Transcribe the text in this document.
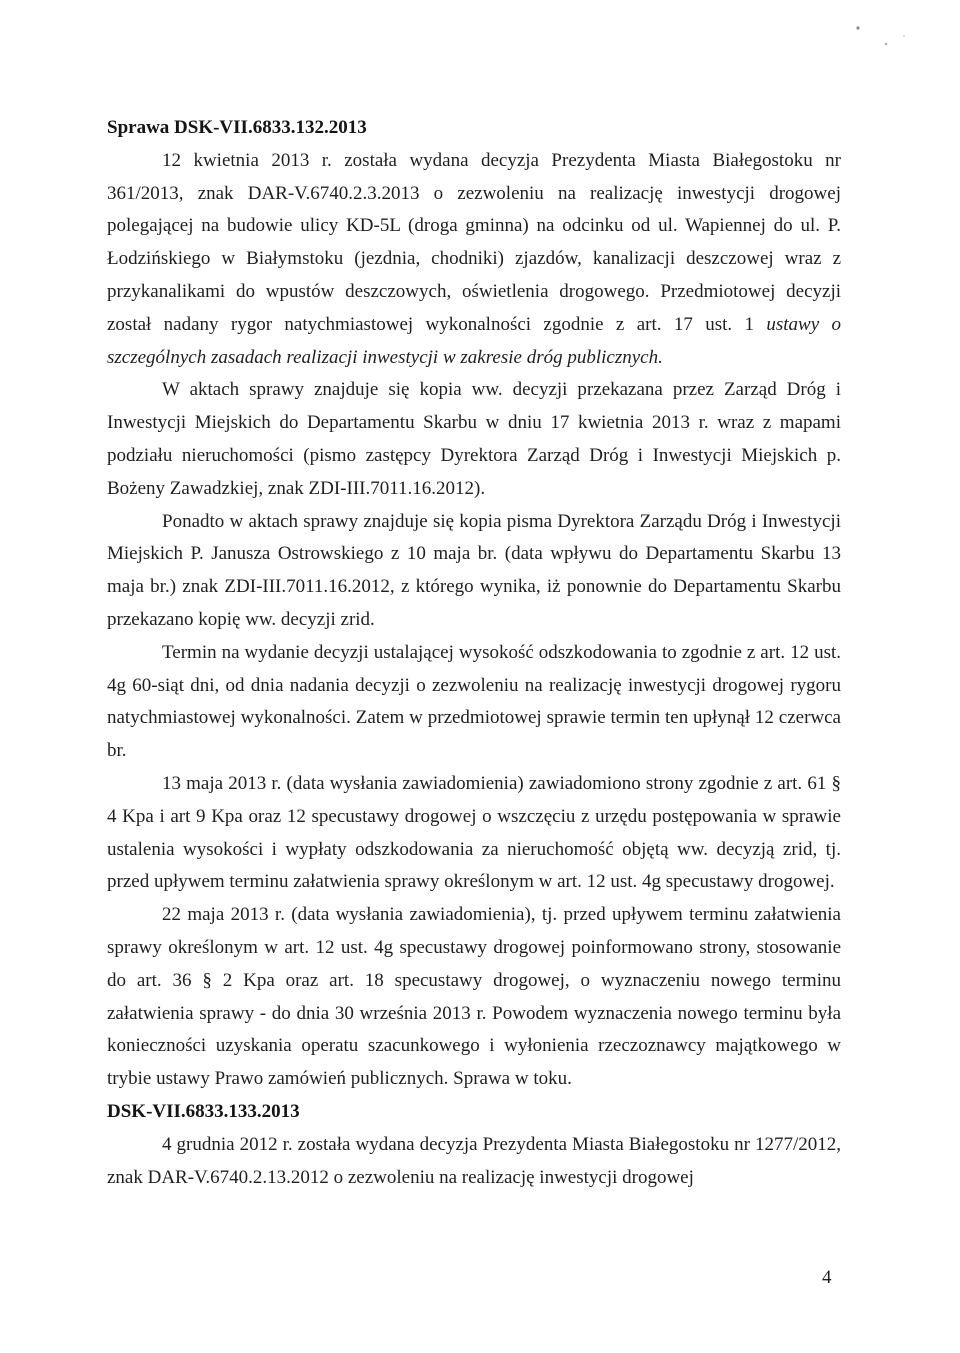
Sprawa DSK-VII.6833.132.2013

12 kwietnia 2013 r. została wydana decyzja Prezydenta Miasta Białegostoku nr 361/2013, znak DAR-V.6740.2.3.2013 o zezwoleniu na realizację inwestycji drogowej polegającej na budowie ulicy KD-5L (droga gminna) na odcinku od ul. Wapiennej do ul. P. Łodzińskiego w Białymstoku (jezdnia, chodniki) zjazdów, kanalizacji deszczowej wraz z przykanalikami do wpustów deszczowych, oświetlenia drogowego. Przedmiotowej decyzji został nadany rygor natychmiastowej wykonalności zgodnie z art. 17 ust. 1 ustawy o szczególnych zasadach realizacji inwestycji w zakresie dróg publicznych.

W aktach sprawy znajduje się kopia ww. decyzji przekazana przez Zarząd Dróg i Inwestycji Miejskich do Departamentu Skarbu w dniu 17 kwietnia 2013 r. wraz z mapami podziału nieruchomości (pismo zastępcy Dyrektora Zarząd Dróg i Inwestycji Miejskich p. Bożeny Zawadzkiej, znak ZDI-III.7011.16.2012).

Ponadto w aktach sprawy znajduje się kopia pisma Dyrektora Zarządu Dróg i Inwestycji Miejskich P. Janusza Ostrowskiego z 10 maja br. (data wpływu do Departamentu Skarbu 13 maja br.) znak ZDI-III.7011.16.2012, z którego wynika, iż ponownie do Departamentu Skarbu przekazano kopię ww. decyzji zrid.

Termin na wydanie decyzji ustalającej wysokość odszkodowania to zgodnie z art. 12 ust. 4g 60-siąt dni, od dnia nadania decyzji o zezwoleniu na realizację inwestycji drogowej rygoru natychmiastowej wykonalności. Zatem w przedmiotowej sprawie termin ten upłynął 12 czerwca br.

13 maja 2013 r. (data wysłania zawiadomienia) zawiadomiono strony zgodnie z art. 61 § 4 Kpa i art 9 Kpa oraz 12 specustawy drogowej o wszczęciu z urzędu postępowania w sprawie ustalenia wysokości i wypłaty odszkodowania za nieruchomość objętą ww. decyzją zrid, tj. przed upływem terminu załatwienia sprawy określonym w art. 12 ust. 4g specustawy drogowej.

22 maja 2013 r. (data wysłania zawiadomienia), tj. przed upływem terminu załatwienia sprawy określonym w art. 12 ust. 4g specustawy drogowej poinformowano strony, stosowanie do art. 36 § 2 Kpa oraz art. 18 specustawy drogowej, o wyznaczeniu nowego terminu załatwienia sprawy - do dnia 30 września 2013 r. Powodem wyznaczenia nowego terminu była konieczności uzyskania operatu szacunkowego i wyłonienia rzeczoznawcy majątkowego w trybie ustawy Prawo zamówień publicznych. Sprawa w toku.

DSK-VII.6833.133.2013

4 grudnia 2012 r. została wydana decyzja Prezydenta Miasta Białegostoku nr 1277/2012, znak DAR-V.6740.2.13.2012 o zezwoleniu na realizację inwestycji drogowej

4
